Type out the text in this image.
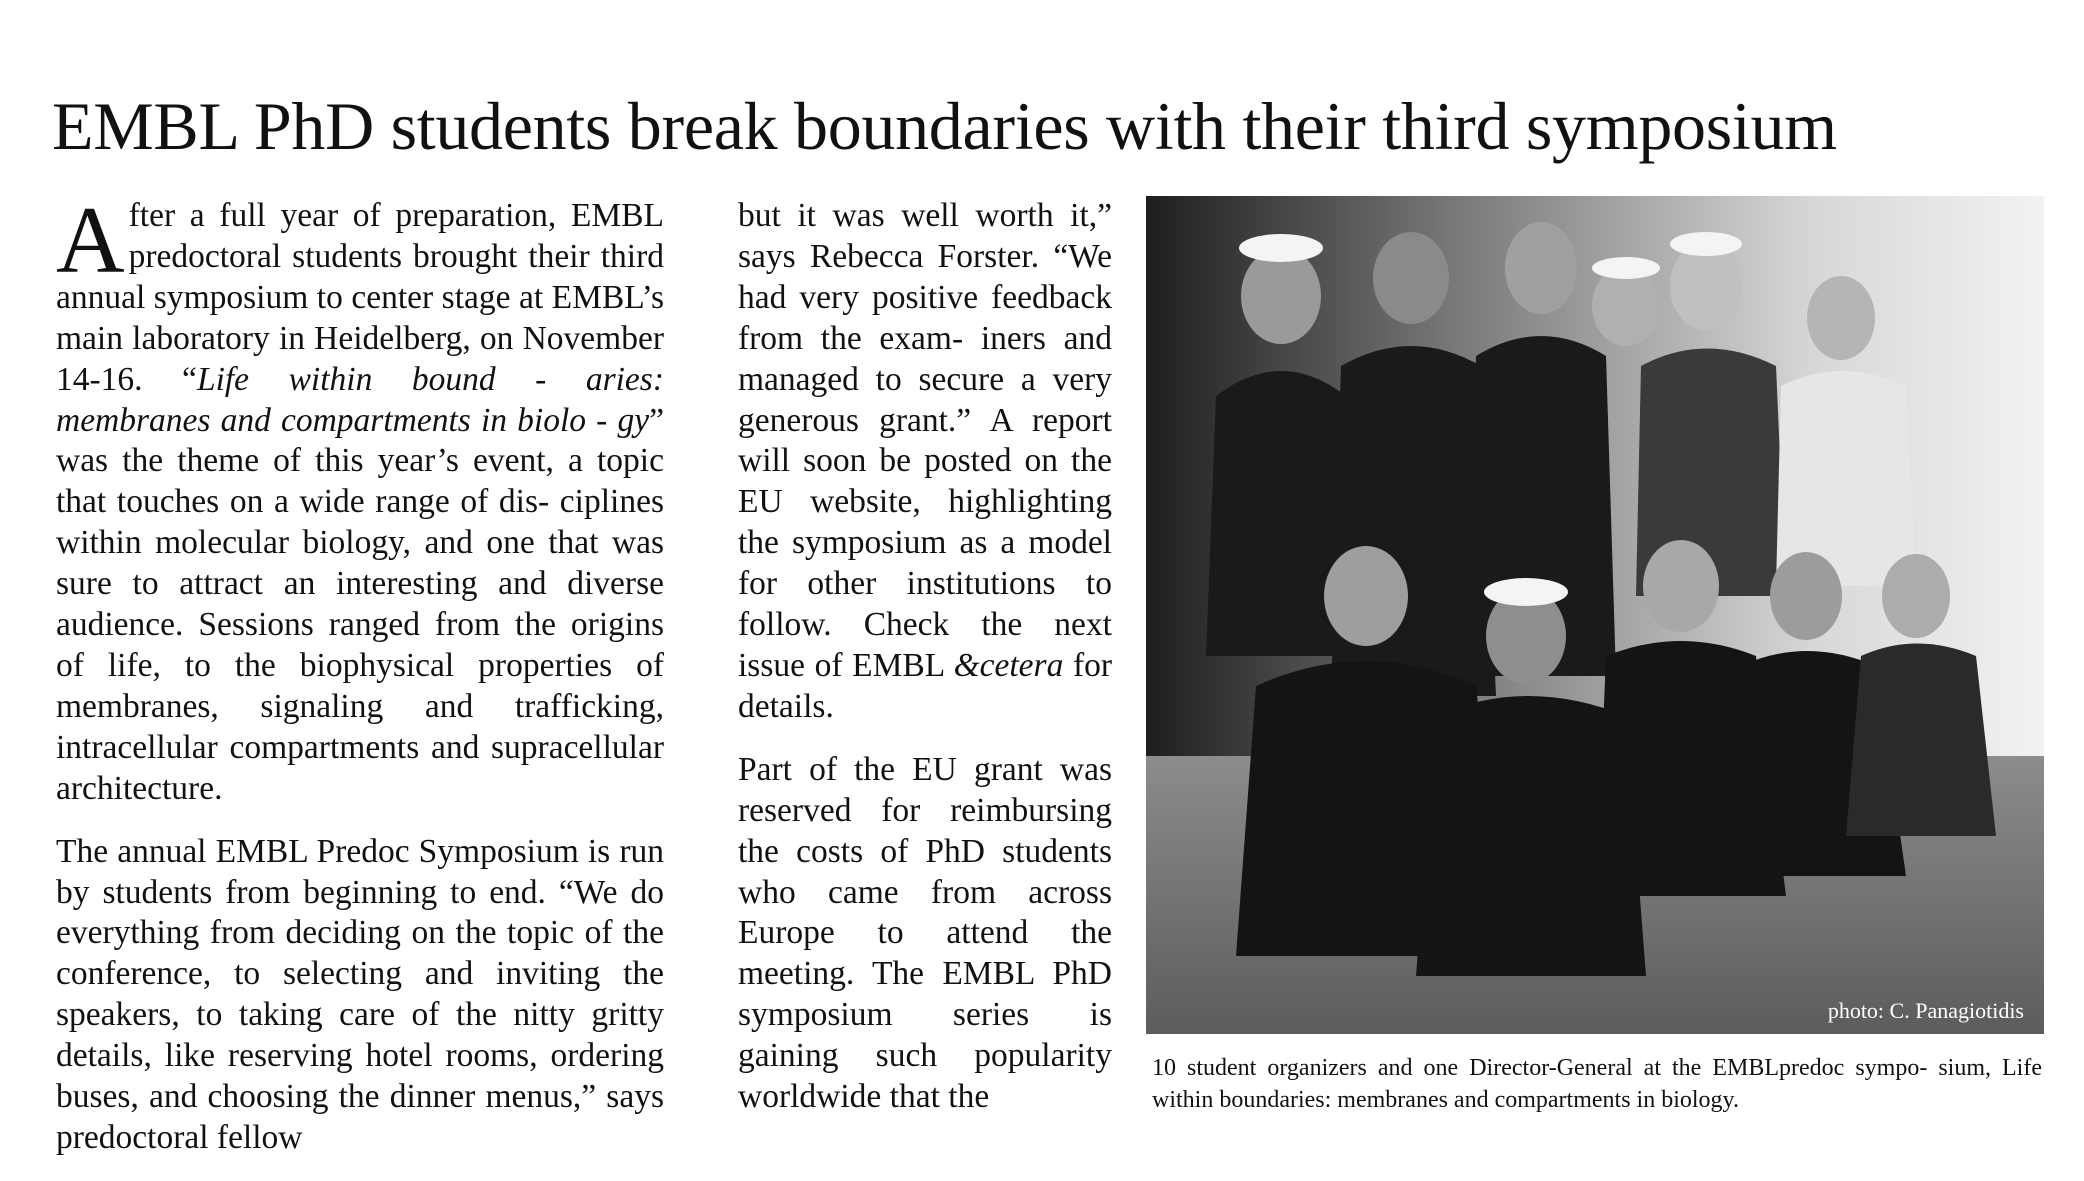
EMBL PhD students break boundaries with their third symposium

After a full year of preparation, EMBL predoctoral students brought their third annual symposium to center stage at EMBL’s main laboratory in Heidelberg, on November 14-16. “Life within bound - aries: membranes and compartments in biolo - gy” was the theme of this year’s event, a topic that touches on a wide range of dis- ciplines within molecular biology, and one that was sure to attract an interesting and diverse audience. Sessions ranged from the origins of life, to the biophysical properties of membranes, signaling and trafficking, intracellular compartments and supracellular architecture.

The annual EMBL Predoc Symposium is run by students from beginning to end. “We do everything from deciding on the topic of the conference, to selecting and inviting the speakers, to taking care of the nitty gritty details, like reserving hotel rooms, ordering buses, and choosing the dinner menus,” says predoctoral fellow

but it was well worth it,” says Rebecca Forster. “We had very positive feedback from the exam- iners and managed to secure a very generous grant.” A report will soon be posted on the EU website, highlighting the symposium as a model for other institutions to follow. Check the next issue of EMBL &cetera for details.

Part of the EU grant was reserved for reimbursing the costs of PhD students who came from across Europe to attend the meeting. The EMBL PhD symposium series is gaining such popularity worldwide that the

photo: C. Panagiotidis
10 student organizers and one Director-General at the EMBLpredoc sympo- sium, Life within boundaries: membranes and compartments in biology.
